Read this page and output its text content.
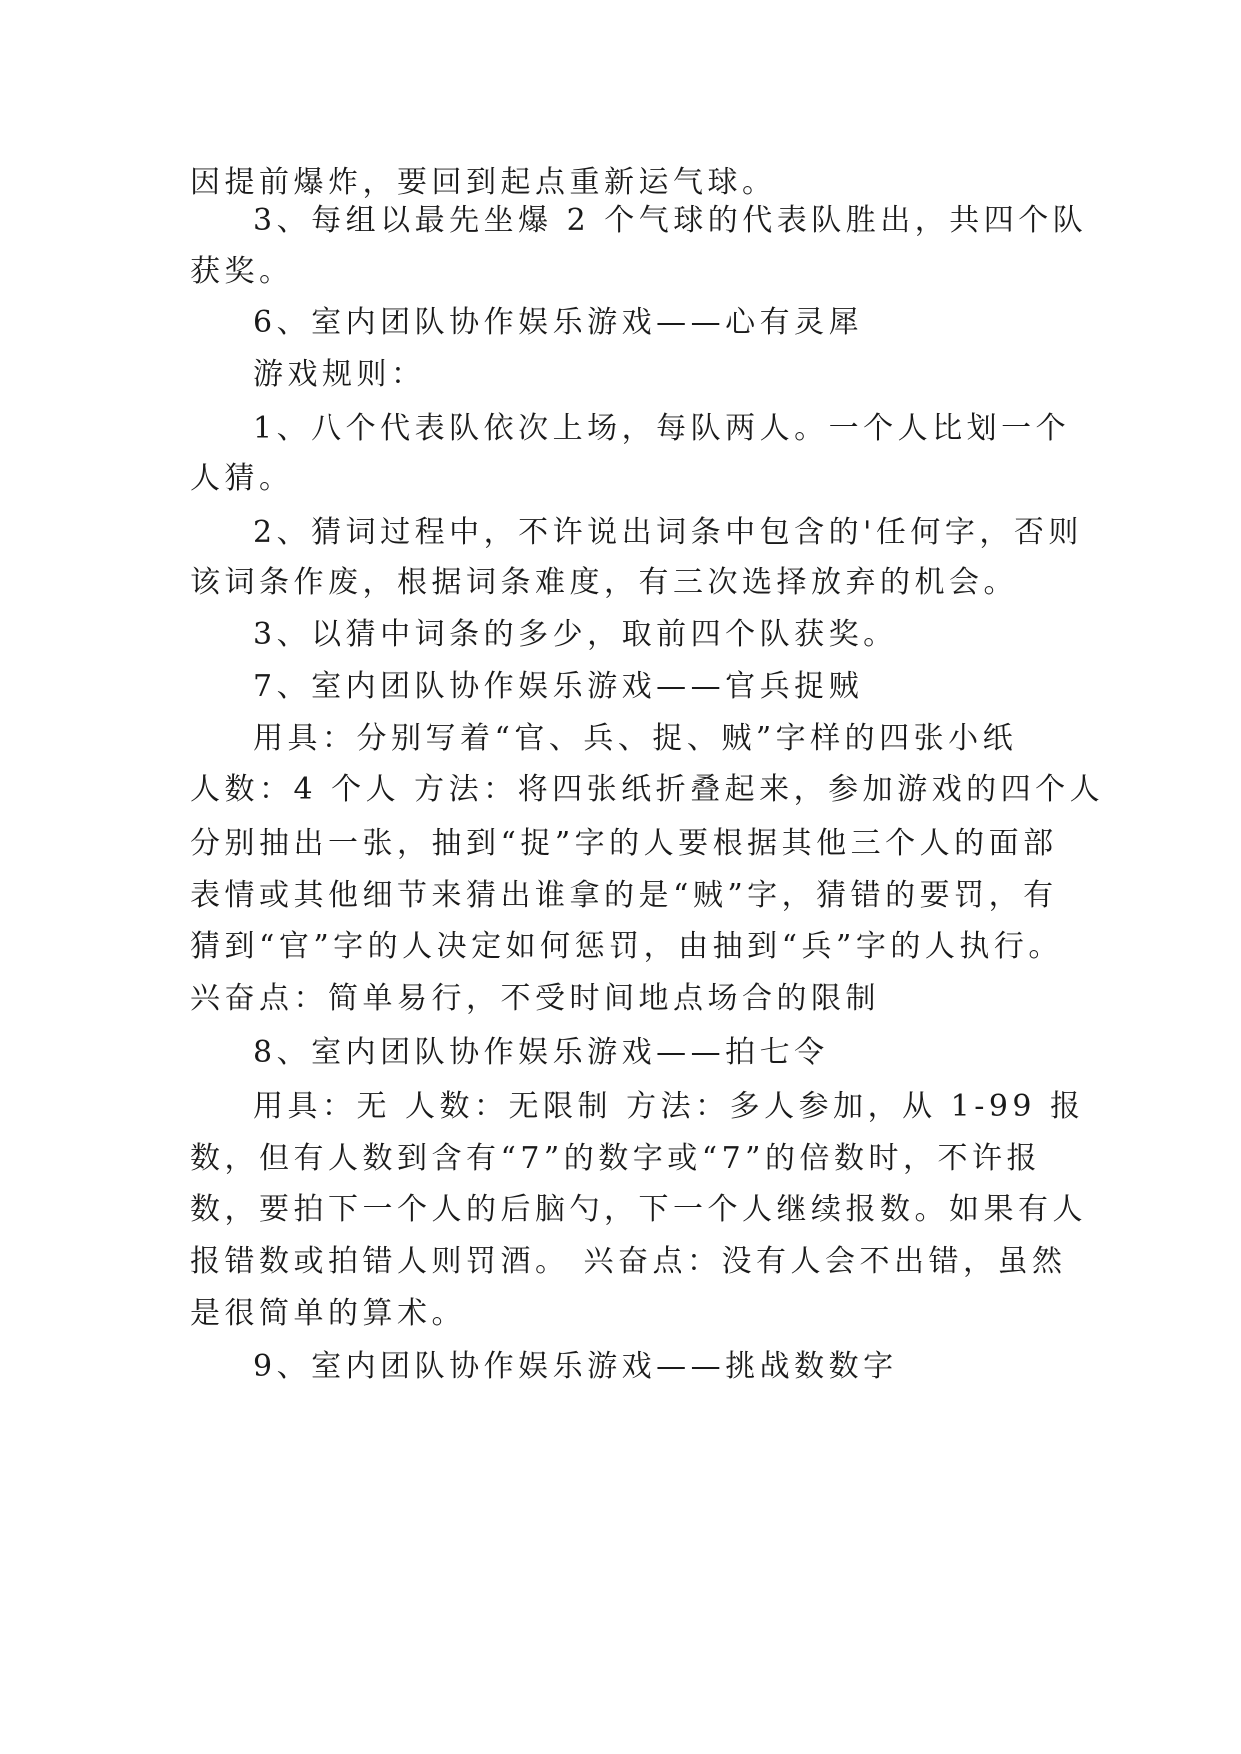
因提前爆炸，要回到起点重新运气球。
3、每组以最先坐爆 2 个气球的代表队胜出，共四个队
获奖。
6、室内团队协作娱乐游戏——心有灵犀
游戏规则：
1、八个代表队依次上场，每队两人。一个人比划一个
人猜。
2、猜词过程中，不许说出词条中包含的'任何字，否则
该词条作废，根据词条难度，有三次选择放弃的机会。
3、以猜中词条的多少，取前四个队获奖。
7、室内团队协作娱乐游戏——官兵捉贼
用具：分别写着“官、兵、捉、贼”字样的四张小纸
人数：4 个人 方法：将四张纸折叠起来，参加游戏的四个人
分别抽出一张，抽到“捉”字的人要根据其他三个人的面部
表情或其他细节来猜出谁拿的是“贼”字，猜错的要罚，有
猜到“官”字的人决定如何惩罚，由抽到“兵”字的人执行。
兴奋点：简单易行，不受时间地点场合的限制
8、室内团队协作娱乐游戏——拍七令
用具：无 人数：无限制 方法：多人参加，从 1-99 报
数，但有人数到含有“7”的数字或“7”的倍数时，不许报
数，要拍下一个人的后脑勺，下一个人继续报数。如果有人
报错数或拍错人则罚酒。 兴奋点：没有人会不出错，虽然
是很简单的算术。
9、室内团队协作娱乐游戏——挑战数数字
